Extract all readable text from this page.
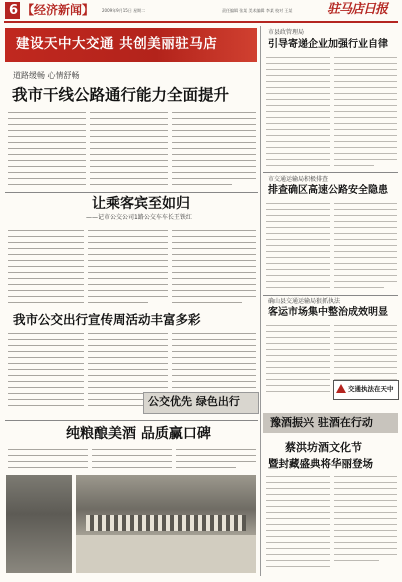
6 【经济新闻】 2009年9月15日 星期二	责任编辑 张某 美术编辑 李某 校对 王某	驻马店日报
建设天中大交通 共创美丽驻马店
道路缓畅 心情舒畅
我市干线公路通行能力全面提升
市县政管理局
引导寄递企业加强行业自律
市交通运输局积极排查
排查确区高速公路安全隐患
确山县交通运输局狠抓执法
客运市场集中整治成效明显
交通执法在天中
让乘客宾至如归
——记市公交公司1路公交车车长王铁红
我市公交出行宣传周活动丰富多彩
公交优先 绿色出行
豫酒振兴 驻酒在行动
纯粮酿美酒 品质赢口碑
蔡洪坊酒文化节
暨封藏盛典将华丽登场
